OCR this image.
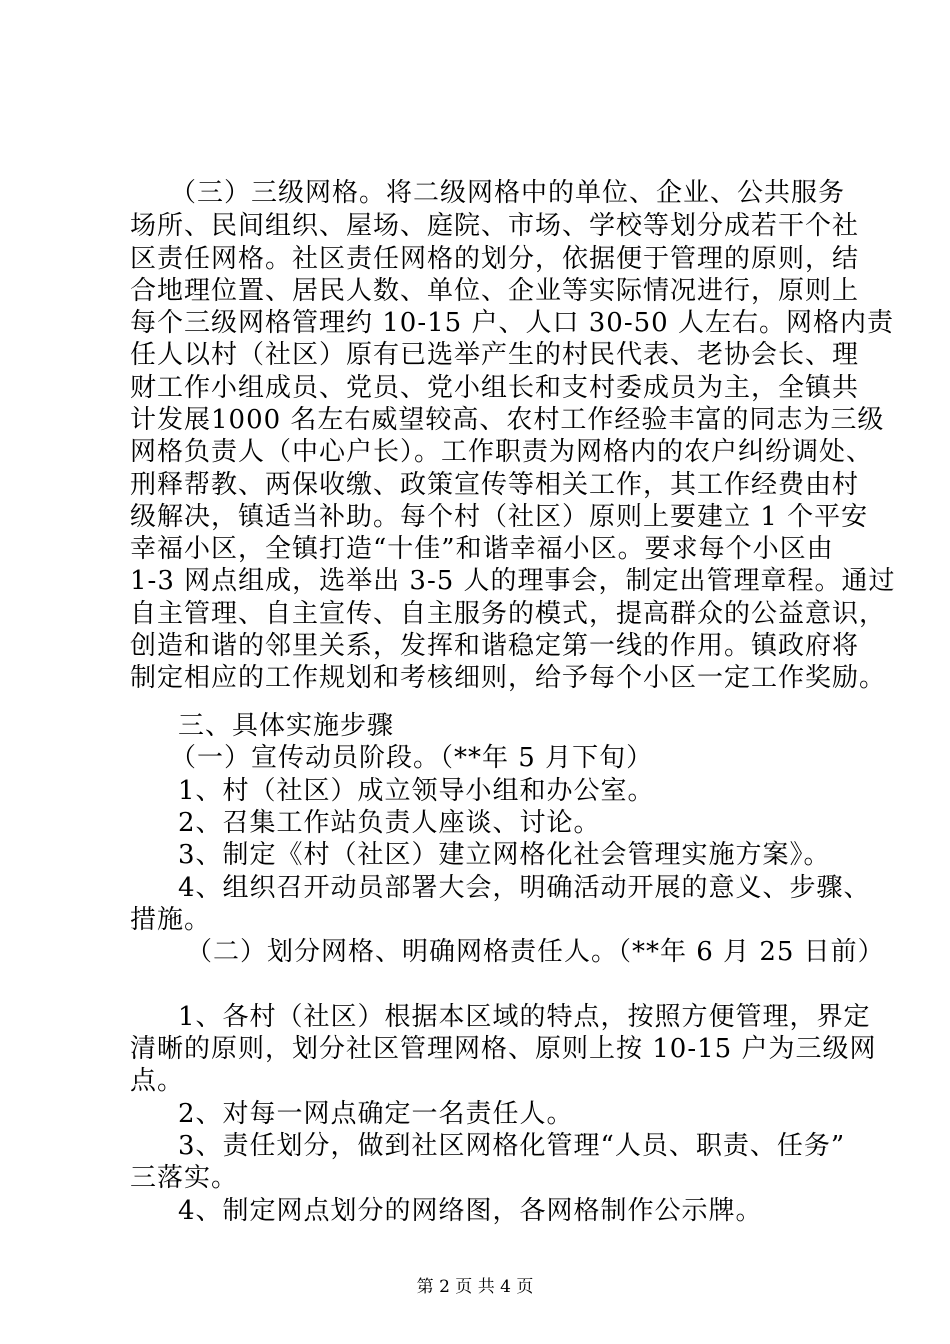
（三）三级网格。将二级网格中的单位、企业、公共服务
场所、民间组织、屋场、庭院、市场、学校等划分成若干个社
区责任网格。社区责任网格的划分，依据便于管理的原则，结
合地理位置、居民人数、单位、企业等实际情况进行，原则上
每个三级网格管理约 10-15 户、人口 30-50 人左右。网格内责
任人以村（社区）原有已选举产生的村民代表、老协会长、理
财工作小组成员、党员、党小组长和支村委成员为主，全镇共
计发展1000 名左右威望较高、农村工作经验丰富的同志为三级
网格负责人（中心户长）。工作职责为网格内的农户纠纷调处、
刑释帮教、两保收缴、政策宣传等相关工作，其工作经费由村
级解决，镇适当补助。每个村（社区）原则上要建立 1 个平安
幸福小区，全镇打造“十佳”和谐幸福小区。要求每个小区由
1-3 网点组成，选举出 3-5 人的理事会，制定出管理章程。通过
自主管理、自主宣传、自主服务的模式，提高群众的公益意识，
创造和谐的邻里关系，发挥和谐稳定第一线的作用。镇政府将
制定相应的工作规划和考核细则，给予每个小区一定工作奖励。
三、具体实施步骤
（一）宣传动员阶段。（**年 5 月下旬）
1、村（社区）成立领导小组和办公室。
2、召集工作站负责人座谈、讨论。
3、制定《村（社区）建立网格化社会管理实施方案》。
4、组织召开动员部署大会，明确活动开展的意义、步骤、
措施。
（二）划分网格、明确网格责任人。（**年 6 月 25 日前）
1、各村（社区）根据本区域的特点，按照方便管理，界定
清晰的原则，划分社区管理网格、原则上按 10-15 户为三级网
点。
2、对每一网点确定一名责任人。
3、责任划分，做到社区网格化管理“人员、职责、任务”
三落实。
4、制定网点划分的网络图，各网格制作公示牌。
第 2 页 共 4 页
